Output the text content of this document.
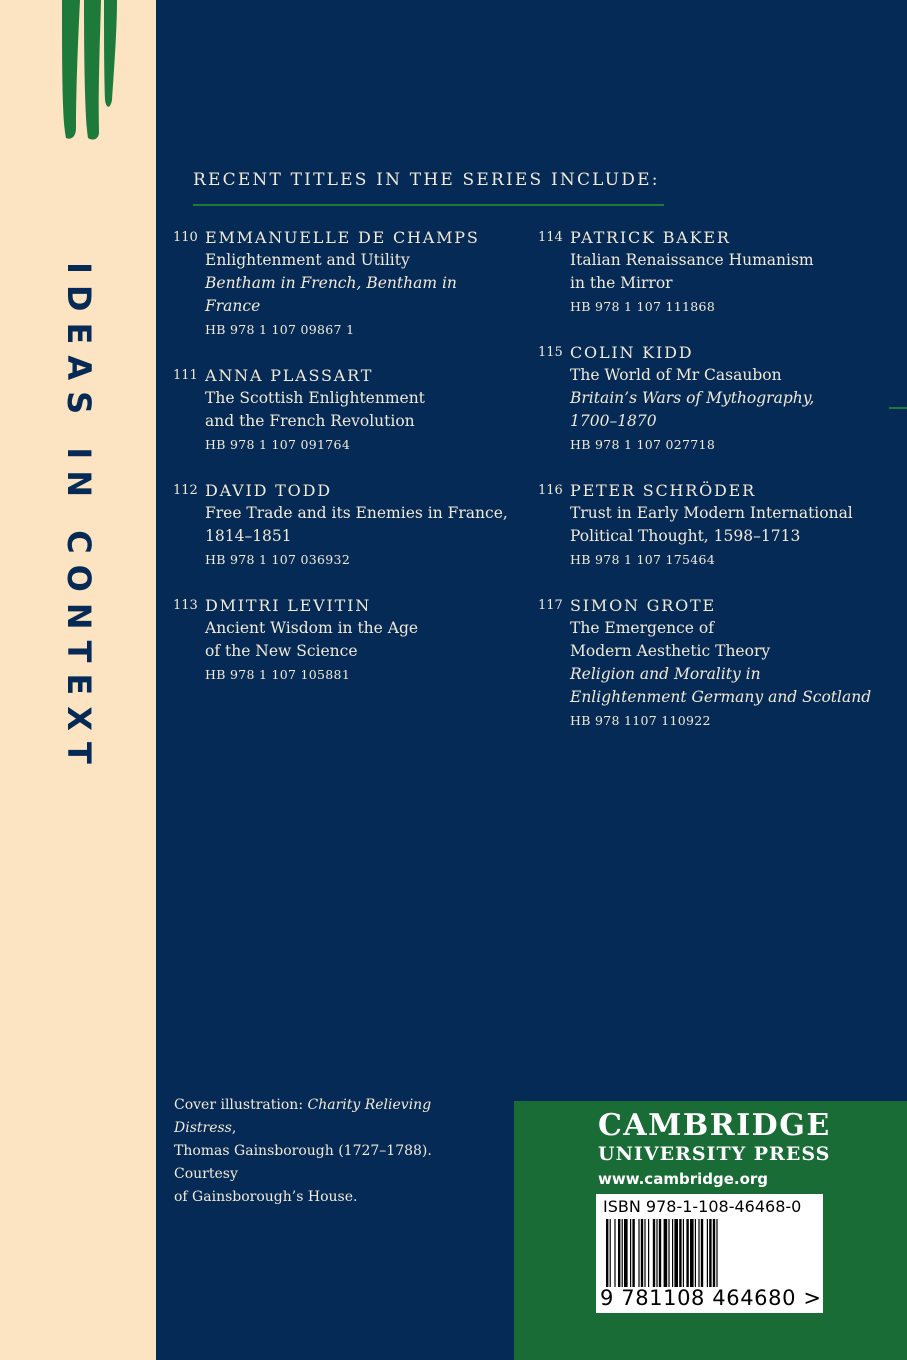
IDEAS IN CONTEXT
RECENT TITLES IN THE SERIES INCLUDE:
110 EMMANUELLE DE CHAMPS
Enlightenment and Utility
Bentham in French, Bentham in France
HB 978 1 107 09867 1
111 ANNA PLASSART
The Scottish Enlightenment
and the French Revolution
HB 978 1 107 091764
112 DAVID TODD
Free Trade and its Enemies in France,
1814–1851
HB 978 1 107 036932
113 DMITRI LEVITIN
Ancient Wisdom in the Age
of the New Science
HB 978 1 107 105881
114 PATRICK BAKER
Italian Renaissance Humanism
in the Mirror
HB 978 1 107 111868
115 COLIN KIDD
The World of Mr Casaubon
Britain’s Wars of Mythography,
1700–1870
HB 978 1 107 027718
116 PETER SCHRÖDER
Trust in Early Modern International
Political Thought, 1598–1713
HB 978 1 107 175464
117 SIMON GROTE
The Emergence of
Modern Aesthetic Theory
Religion and Morality in
Enlightenment Germany and Scotland
HB 978 1107 110922
Cover illustration: Charity Relieving Distress,
Thomas Gainsborough (1727–1788). Courtesy
of Gainsborough’s House.
CAMBRIDGE
UNIVERSITY PRESS
www.cambridge.org
ISBN 978-1-108-46468-0
9 781108 464680 >
